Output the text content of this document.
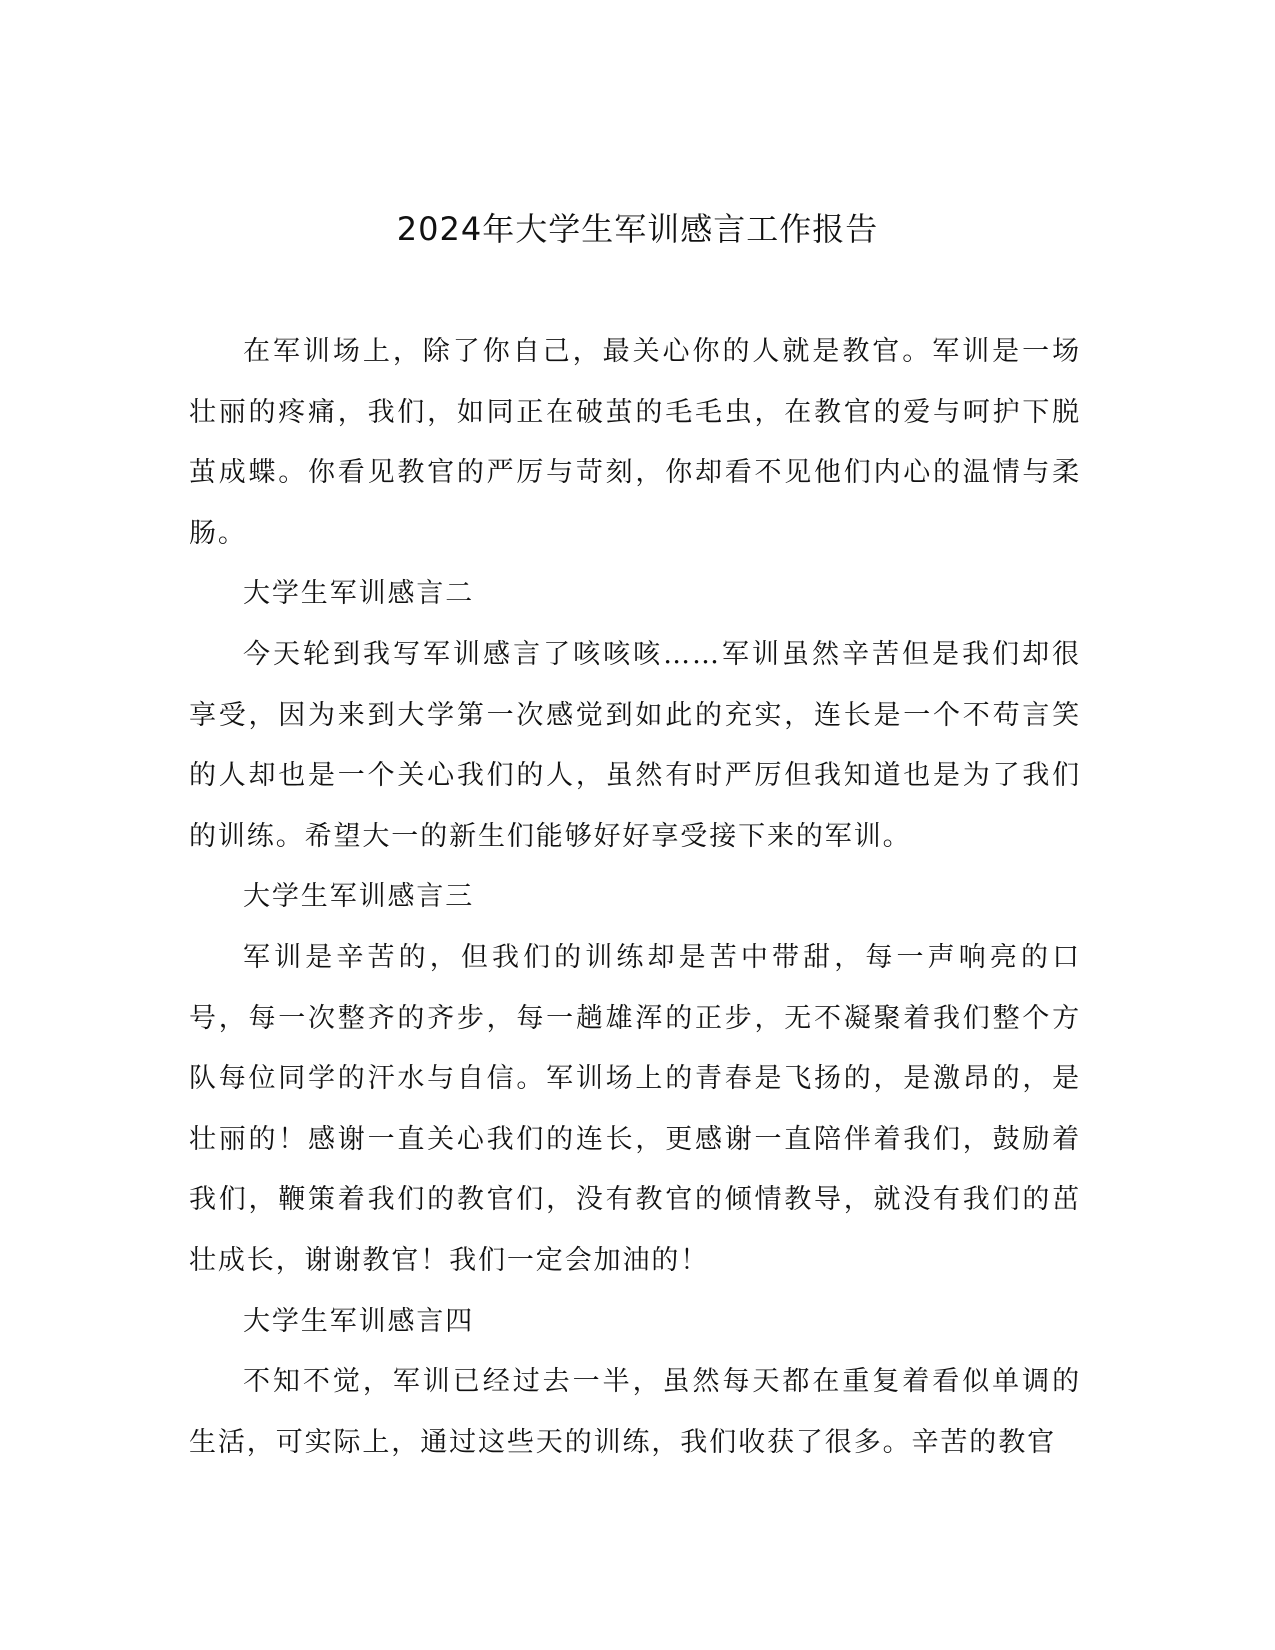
2024年大学生军训感言工作报告

在军训场上，除了你自己，最关心你的人就是教官。军训是一场壮丽的疼痛，我们，如同正在破茧的毛毛虫，在教官的爱与呵护下脱茧成蝶。你看见教官的严厉与苛刻，你却看不见他们内心的温情与柔肠。

大学生军训感言二

今天轮到我写军训感言了咳咳咳……军训虽然辛苦但是我们却很享受，因为来到大学第一次感觉到如此的充实，连长是一个不苟言笑的人却也是一个关心我们的人，虽然有时严厉但我知道也是为了我们的训练。希望大一的新生们能够好好享受接下来的军训。

大学生军训感言三

军训是辛苦的，但我们的训练却是苦中带甜，每一声响亮的口号，每一次整齐的齐步，每一趟雄浑的正步，无不凝聚着我们整个方队每位同学的汗水与自信。军训场上的青春是飞扬的，是激昂的，是壮丽的！感谢一直关心我们的连长，更感谢一直陪伴着我们，鼓励着我们，鞭策着我们的教官们，没有教官的倾情教导，就没有我们的茁壮成长，谢谢教官！我们一定会加油的！

大学生军训感言四

不知不觉，军训已经过去一半，虽然每天都在重复着看似单调的生活，可实际上，通过这些天的训练，我们收获了很多。辛苦的教官
